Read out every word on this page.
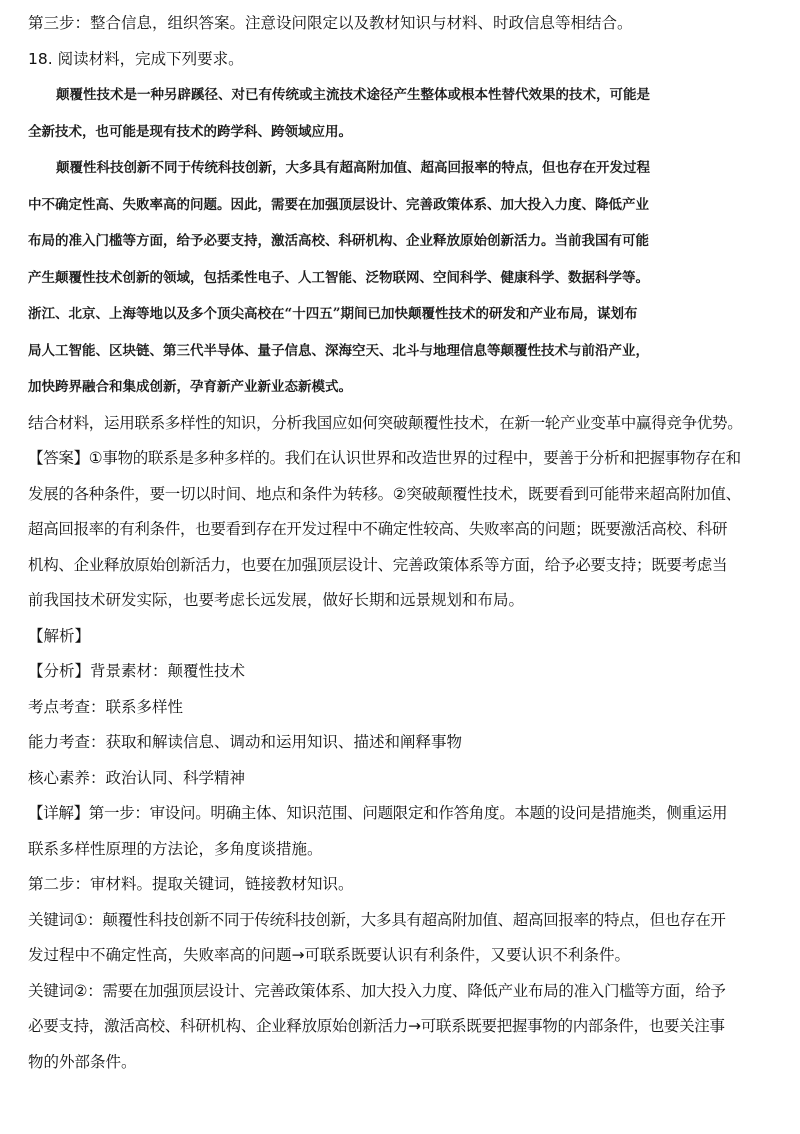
第三步：整合信息，组织答案。注意设问限定以及教材知识与材料、时政信息等相结合。
18. 阅读材料，完成下列要求。
颠覆性技术是一种另辟蹊径、对已有传统或主流技术途径产生整体或根本性替代效果的技术，可能是
全新技术，也可能是现有技术的跨学科、跨领域应用。
颠覆性科技创新不同于传统科技创新，大多具有超高附加值、超高回报率的特点，但也存在开发过程
中不确定性高、失败率高的问题。因此，需要在加强顶层设计、完善政策体系、加大投入力度、降低产业
布局的准入门槛等方面，给予必要支持，激活高校、科研机构、企业释放原始创新活力。当前我国有可能
产生颠覆性技术创新的领域，包括柔性电子、人工智能、泛物联网、空间科学、健康科学、数据科学等。
浙江、北京、上海等地以及多个顶尖高校在“十四五”期间已加快颠覆性技术的研发和产业布局，谋划布
局人工智能、区块链、第三代半导体、量子信息、深海空天、北斗与地理信息等颠覆性技术与前沿产业，
加快跨界融合和集成创新，孕育新产业新业态新模式。
结合材料，运用联系多样性的知识，分析我国应如何突破颠覆性技术，在新一轮产业变革中赢得竞争优势。
【答案】①事物的联系是多种多样的。我们在认识世界和改造世界的过程中，要善于分析和把握事物存在和
发展的各种条件，要一切以时间、地点和条件为转移。②突破颠覆性技术，既要看到可能带来超高附加值、
超高回报率的有利条件，也要看到存在开发过程中不确定性较高、失败率高的问题；既要激活高校、科研
机构、企业释放原始创新活力，也要在加强顶层设计、完善政策体系等方面，给予必要支持；既要考虑当
前我国技术研发实际，也要考虑长远发展，做好长期和远景规划和布局。
【解析】
【分析】背景素材：颠覆性技术
考点考查：联系多样性
能力考查：获取和解读信息、调动和运用知识、描述和阐释事物
核心素养：政治认同、科学精神
【详解】第一步：审设问。明确主体、知识范围、问题限定和作答角度。本题的设问是措施类，侧重运用
联系多样性原理的方法论，多角度谈措施。
第二步：审材料。提取关键词，链接教材知识。
关键词①：颠覆性科技创新不同于传统科技创新，大多具有超高附加值、超高回报率的特点，但也存在开
发过程中不确定性高，失败率高的问题→可联系既要认识有利条件，又要认识不利条件。
关键词②：需要在加强顶层设计、完善政策体系、加大投入力度、降低产业布局的准入门槛等方面，给予
必要支持，激活高校、科研机构、企业释放原始创新活力→可联系既要把握事物的内部条件，也要关注事
物的外部条件。
